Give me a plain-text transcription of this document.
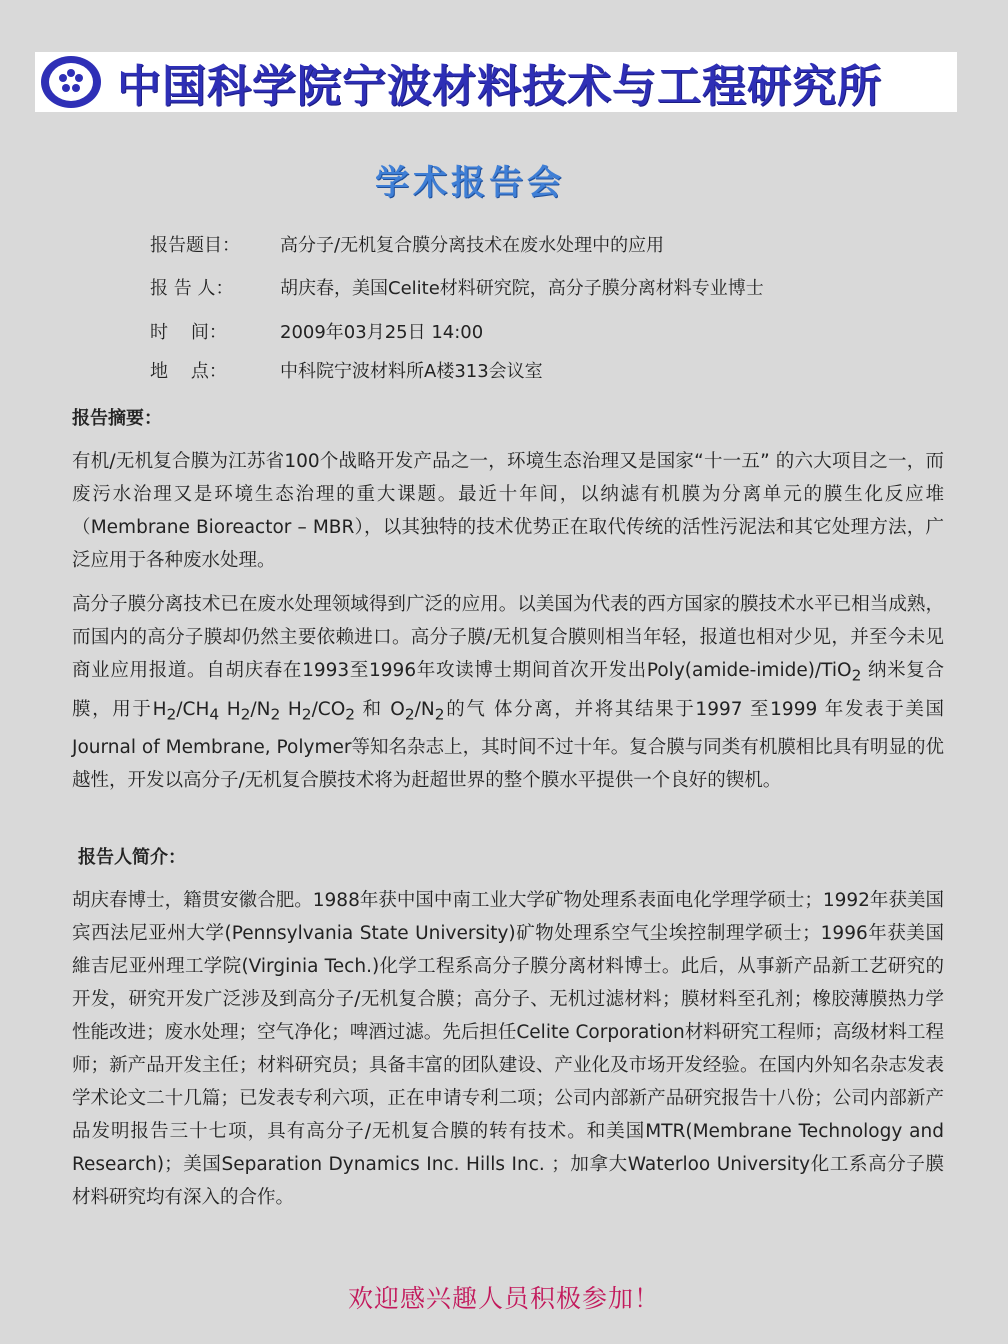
中国科学院宁波材料技术与工程研究所
学术报告会
报告题目： 高分子/无机复合膜分离技术在废水处理中的应用
报 告 人：	胡庆春，美国Celite材料研究院，高分子膜分离材料专业博士
时    间：	2009年03月25日 14:00
地    点：	中科院宁波材料所A楼313会议室
报告摘要：

有机/无机复合膜为江苏省100个战略开发产品之一，环境生态治理又是国家“十一五” 的六大项目之一，而废污水治理又是环境生态治理的重大课题。最近十年间，以纳滤有机膜为分离单元的膜生化反应堆（Membrane Bioreactor – MBR），以其独特的技术优势正在取代传统的活性污泥法和其它处理方法，广泛应用于各种废水处理。

高分子膜分离技术已在废水处理领域得到广泛的应用。以美国为代表的西方国家的膜技术水平已相当成熟，而国内的高分子膜却仍然主要依赖进口。高分子膜/无机复合膜则相当年轻，报道也相对少见，并至今未见商业应用报道。自胡庆春在1993至1996年攻读博士期间首次开发出Poly(amide-imide)/TiO$_2$ 纳米复合膜，用于$H_2/CH_4$ $H_2/N_2$ $H_2/CO_2$ 和 $O_2/N_2$的气 体分离，并将其结果于1997 至1999 年发表于美国 Journal of Membrane, Polymer等知名杂志上，其时间不过十年。复合膜与同类有机膜相比具有明显的优越性，开发以高分子/无机复合膜技术将为赶超世界的整个膜水平提供一个良好的锲机。

报告人简介：

胡庆春博士，籍贯安徽合肥。1988年获中国中南工业大学矿物处理系表面电化学理学硕士；1992年获美国宾西法尼亚州大学(Pennsylvania State University)矿物处理系空气尘埃控制理学硕士；1996年获美国維吉尼亚州理工学院(Virginia Tech.)化学工程系高分子膜分离材料博士。此后，从事新产品新工艺研究的开发，研究开发广泛涉及到高分子/无机复合膜；高分子、无机过滤材料；膜材料至孔剂；橡胶薄膜热力学性能改进；废水处理；空气净化；啤酒过滤。先后担任Celite Corporation材料研究工程师；高级材料工程师；新产品开发主任；材料研究员；具备丰富的团队建设、产业化及市场开发经验。在国内外知名杂志发表学术论文二十几篇；已发表专利六项，正在申请专利二项；公司内部新产品研究报告十八份；公司内部新产品发明报告三十七项，具有高分子/无机复合膜的转有技术。和美国MTR(Membrane Technology and Research)；美国Separation Dynamics Inc. Hills Inc. ；加拿大Waterloo University化工系高分子膜材料研究均有深入的合作。

欢迎感兴趣人员积极参加！
